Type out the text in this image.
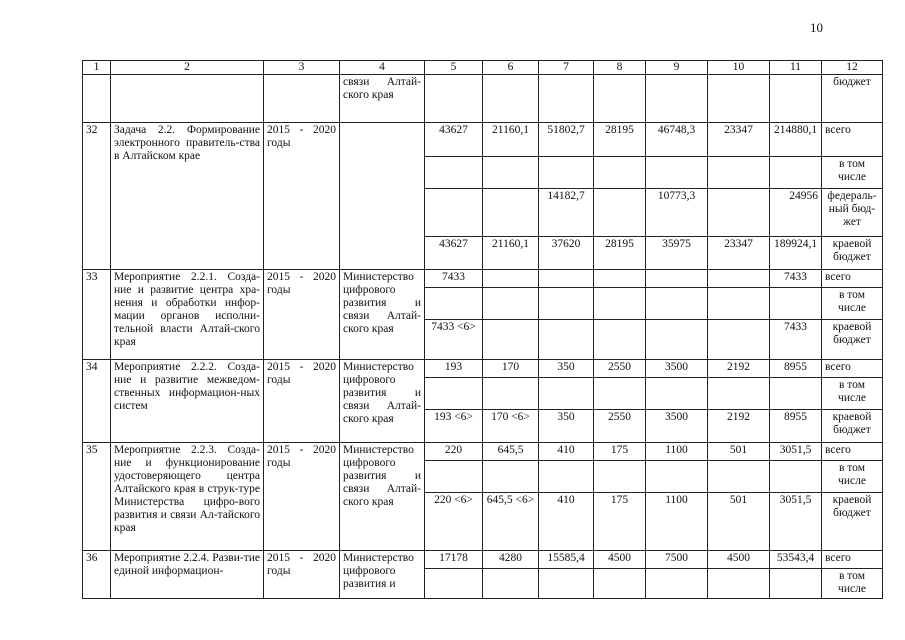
10
1	2	3	4	5	6	7	8	9	10	11	12
			связи Алтай-ского края								бюджет
32	Задача 2.2. Формирование электронного правитель-ства в Алтайском крае	2015 - 2020 годы		43627	21160,1	51802,7	28195	46748,3	23347	214880,1	всего
											в том числе
						14182,7		10773,3		24956	федераль-ный бюд-жет
				43627	21160,1	37620	28195	35975	23347	189924,1	краевой бюджет
33	Мероприятие 2.2.1. Созда-ние и развитие центра хра-нения и обработки инфор-мации органов исполни-тельной власти Алтай-ского края	2015 - 2020 годы	Министерство цифрового развития и связи Алтай-ского края	7433						7433	всего
											в том числе
				7433 <6>						7433	краевой бюджет
34	Мероприятие 2.2.2. Созда-ние и развитие межведом-ственных информацион-ных систем	2015 - 2020 годы	Министерство цифрового развития и связи Алтай-ского края	193	170	350	2550	3500	2192	8955	всего
											в том числе
				193 <6>	170 <6>	350	2550	3500	2192	8955	краевой бюджет
35	Мероприятие 2.2.3. Созда-ние и функционирование удостоверяющего центра Алтайского края в струк-туре Министерства цифро-вого развития и связи Ал-тайского края	2015 - 2020 годы	Министерство цифрового развития и связи Алтай-ского края	220	645,5	410	175	1100	501	3051,5	всего
											в том числе
				220 <6>	645,5 <6>	410	175	1100	501	3051,5	краевой бюджет
36	Мероприятие 2.2.4. Разви-тие единой информацион-	2015 - 2020 годы	Министерство цифрового развития и	17178	4280	15585,4	4500	7500	4500	53543,4	всего
											в том числе
